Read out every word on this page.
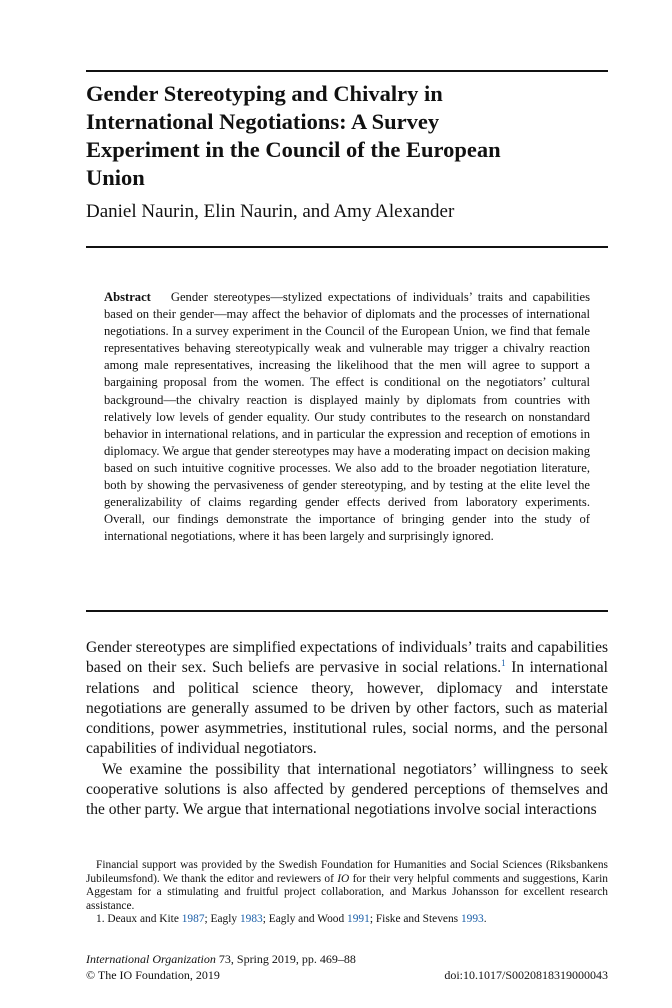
Gender Stereotyping and Chivalry in International Negotiations: A Survey Experiment in the Council of the European Union
Daniel Naurin, Elin Naurin, and Amy Alexander
Abstract Gender stereotypes—stylized expectations of individuals’ traits and capabilities based on their gender—may affect the behavior of diplomats and the processes of international negotiations. In a survey experiment in the Council of the European Union, we find that female representatives behaving stereotypically weak and vulnerable may trigger a chivalry reaction among male representatives, increasing the likelihood that the men will agree to support a bargaining proposal from the women. The effect is conditional on the negotiators’ cultural background—the chivalry reaction is displayed mainly by diplomats from countries with relatively low levels of gender equality. Our study contributes to the research on nonstandard behavior in international relations, and in particular the expression and reception of emotions in diplomacy. We argue that gender stereotypes may have a moderating impact on decision making based on such intuitive cognitive processes. We also add to the broader negotiation literature, both by showing the pervasiveness of gender stereotyping, and by testing at the elite level the generalizability of claims regarding gender effects derived from laboratory experiments. Overall, our findings demonstrate the importance of bringing gender into the study of international negotiations, where it has been largely and surprisingly ignored.

Gender stereotypes are simplified expectations of individuals’ traits and capabilities based on their sex. Such beliefs are pervasive in social relations.$^1$ In international relations and political science theory, however, diplomacy and interstate negotiations are generally assumed to be driven by other factors, such as material conditions, power asymmetries, institutional rules, social norms, and the personal capabilities of individual negotiators.

We examine the possibility that international negotiators’ willingness to seek cooperative solutions is also affected by gendered perceptions of themselves and the other party. We argue that international negotiations involve social interactions

Financial support was provided by the Swedish Foundation for Humanities and Social Sciences (Riksbankens Jubileumsfond). We thank the editor and reviewers of IO for their very helpful comments and suggestions, Karin Aggestam for a stimulating and fruitful project collaboration, and Markus Johansson for excellent research assistance.

1. Deaux and Kite 1987; Eagly 1983; Eagly and Wood 1991; Fiske and Stevens 1993.

International Organization 73, Spring 2019, pp. 469–88
© The IO Foundation, 2019	doi:10.1017/S0020818319000043
